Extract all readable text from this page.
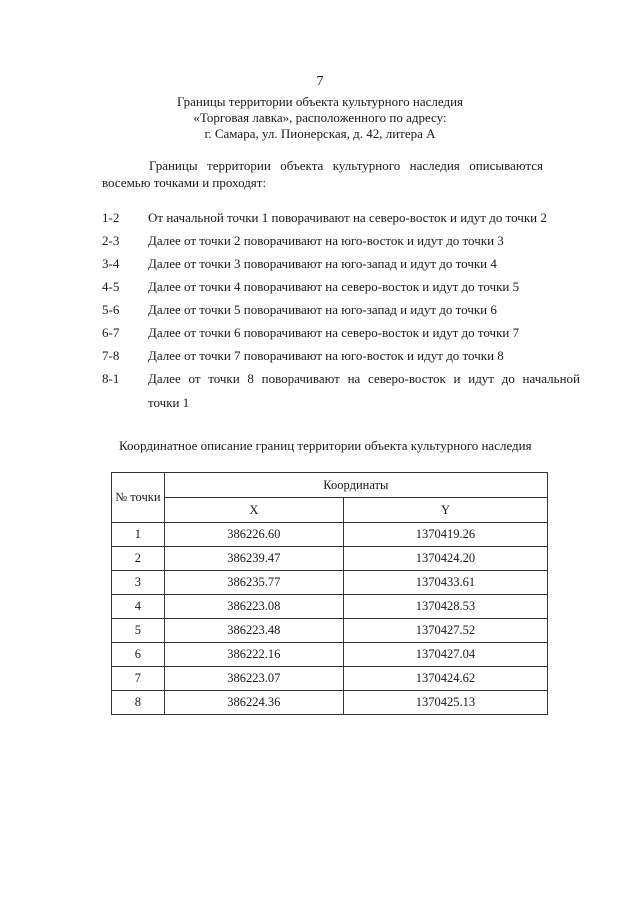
7
Границы территории объекта культурного наследия
«Торговая лавка», расположенного по адресу:
г. Самара, ул. Пионерская, д. 42, литера А
Границы территории объекта культурного наследия описываются
восемью точками и проходят:
1-2 От начальной точки 1 поворачивают на северо-восток и идут до точки 2
2-3 Далее от точки 2 поворачивают на юго-восток и идут до точки 3
3-4 Далее от точки 3 поворачивают на юго-запад и идут до точки 4
4-5 Далее от точки 4 поворачивают на северо-восток и идут до точки 5
5-6 Далее от точки 5 поворачивают на юго-запад и идут до точки 6
6-7 Далее от точки 6 поворачивают на северо-восток и идут до точки 7
7-8 Далее от точки 7 поворачивают на юго-восток и идут до точки 8
8-1 Далее от точки 8 поворачивают на северо-восток и идут до начальной
точки 1
Координатное описание границ территории объекта культурного наследия
№ точки	Координаты	
	X	Y
1	386226.60	1370419.26
2	386239.47	1370424.20
3	386235.77	1370433.61
4	386223.08	1370428.53
5	386223.48	1370427.52
6	386222.16	1370427.04
7	386223.07	1370424.62
8	386224.36	1370425.13
